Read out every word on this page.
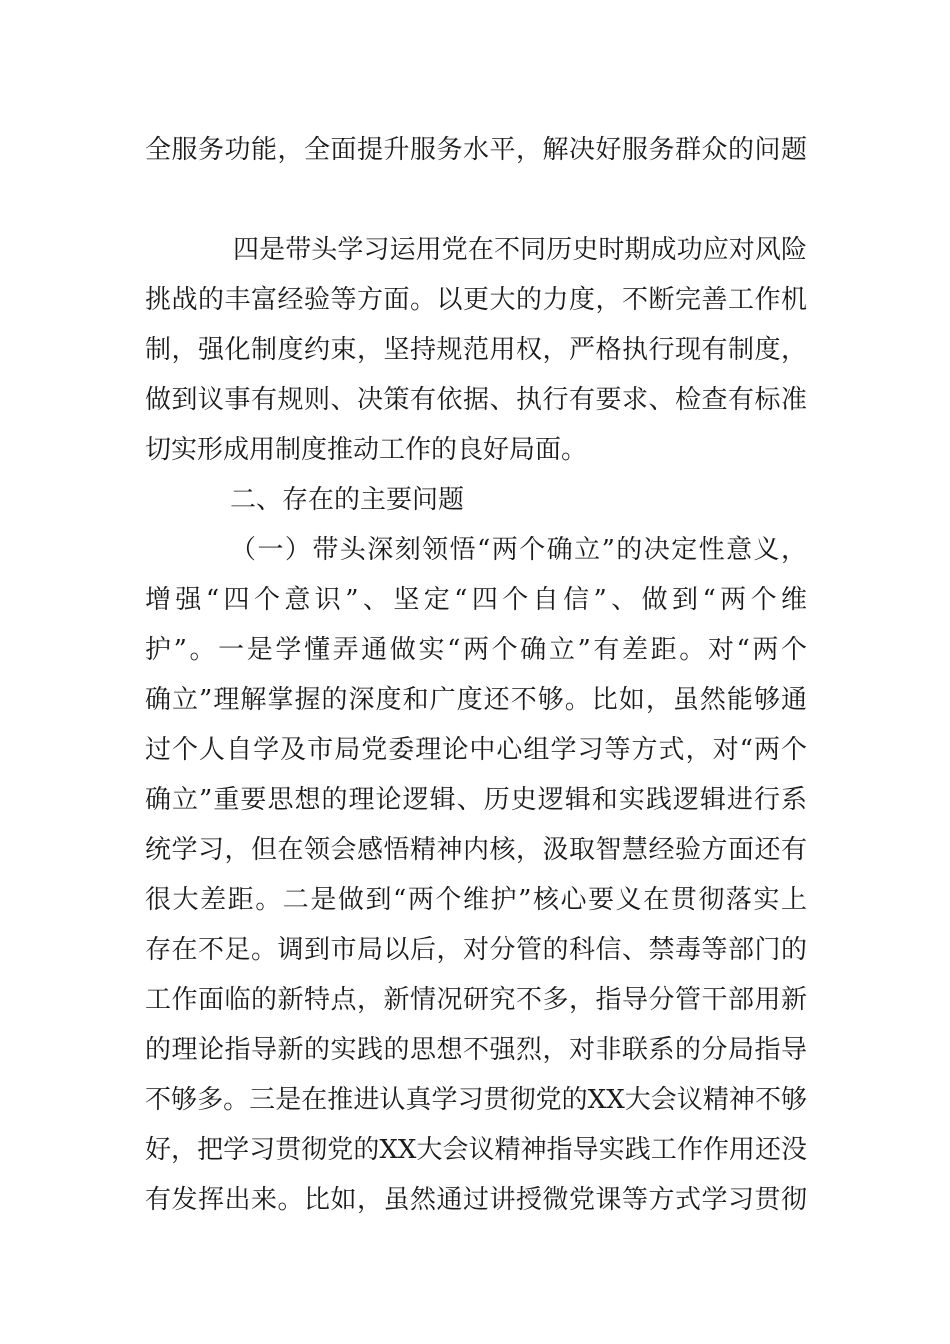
全服务功能，全面提升服务水平，解决好服务群众的问题
四是带头学习运用党在不同历史时期成功应对风险
挑战的丰富经验等方面。以更大的力度，不断完善工作机
制，强化制度约束，坚持规范用权，严格执行现有制度，
做到议事有规则、决策有依据、执行有要求、检查有标准
切实形成用制度推动工作的良好局面。
二、存在的主要问题
（一）带头深刻领悟“两个确立”的决定性意义，
增强“四个意识”、坚定“四个自信”、做到“两个维
护”。一是学懂弄通做实“两个确立”有差距。对“两个
确立”理解掌握的深度和广度还不够。比如，虽然能够通
过个人自学及市局党委理论中心组学习等方式，对“两个
确立”重要思想的理论逻辑、历史逻辑和实践逻辑进行系
统学习，但在领会感悟精神内核，汲取智慧经验方面还有
很大差距。二是做到“两个维护”核心要义在贯彻落实上
存在不足。调到市局以后，对分管的科信、禁毒等部门的
工作面临的新特点，新情况研究不多，指导分管干部用新
的理论指导新的实践的思想不强烈，对非联系的分局指导
不够多。三是在推进认真学习贯彻党的XX大会议精神不够
好，把学习贯彻党的XX大会议精神指导实践工作作用还没
有发挥出来。比如，虽然通过讲授微党课等方式学习贯彻
